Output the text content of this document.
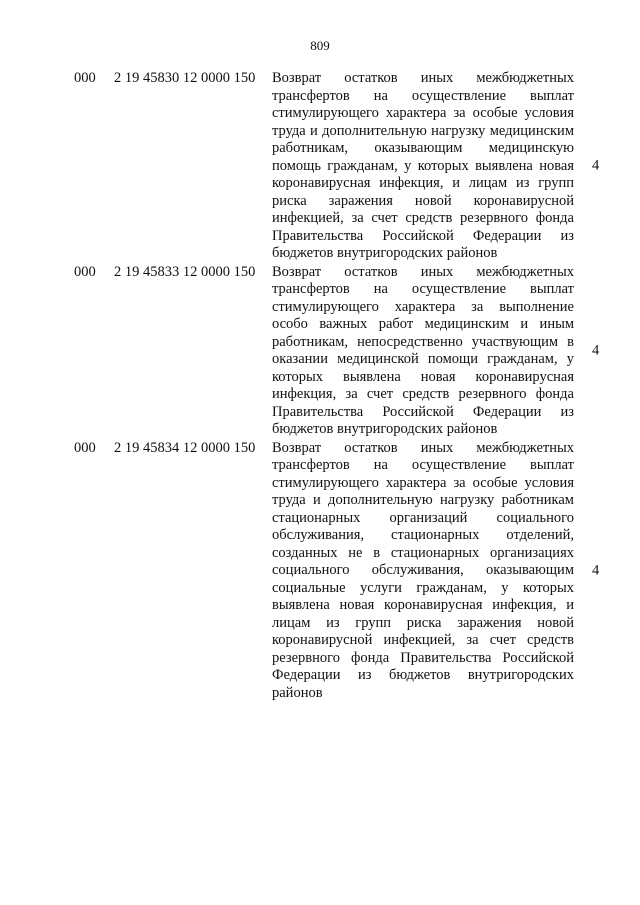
809
000 2 19 45830 12 0000 150 Возврат остатков иных межбюджетных трансфертов на осуществление выплат стимулирующего характера за особые условия труда и дополнительную нагрузку медицинским работникам, оказывающим медицинскую помощь гражданам, у которых выявлена новая коронавирусная инфекция, и лицам из групп риска заражения новой коронавирусной инфекцией, за счет средств резервного фонда Правительства Российской Федерации из бюджетов внутригородских районов
4
000 2 19 45833 12 0000 150 Возврат остатков иных межбюджетных трансфертов на осуществление выплат стимулирующего характера за выполнение особо важных работ медицинским и иным работникам, непосредственно участвующим в оказании медицинской помощи гражданам, у которых выявлена новая коронавирусная инфекция, за счет средств резервного фонда Правительства Российской Федерации из бюджетов внутригородских районов
4
000 2 19 45834 12 0000 150 Возврат остатков иных межбюджетных трансфертов на осуществление выплат стимулирующего характера за особые условия труда и дополнительную нагрузку работникам стационарных организаций социального обслуживания, стационарных отделений, созданных не в стационарных организациях социального обслуживания, оказывающим социальные услуги гражданам, у которых выявлена новая коронавирусная инфекция, и лицам из групп риска заражения новой коронавирусной инфекцией, за счет средств резервного фонда Правительства Российской Федерации из бюджетов внутригородских районов
4
